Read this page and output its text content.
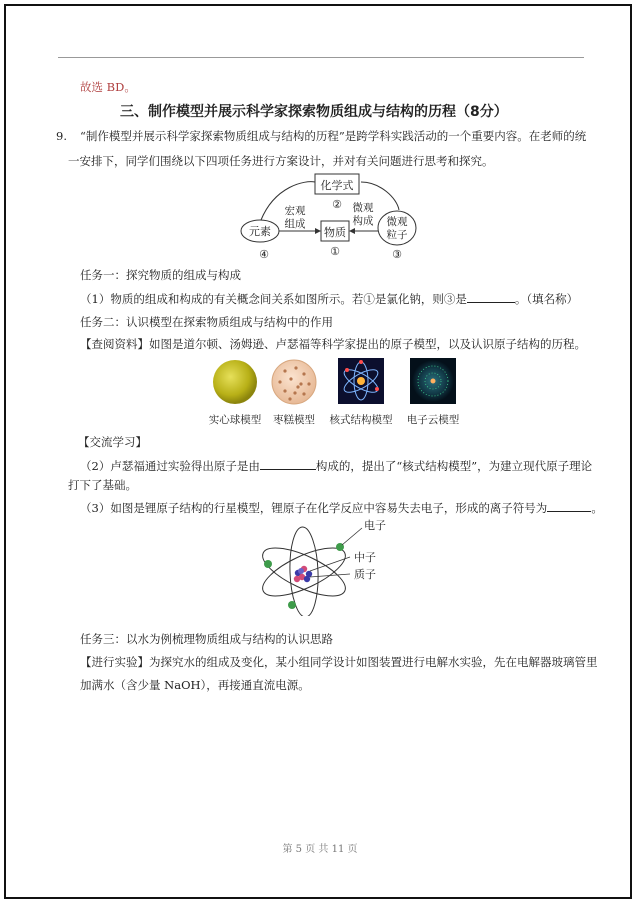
故选 BD。
三、制作模型并展示科学家探索物质组成与结构的历程（8分）
9. “制作模型并展示科学家探索物质组成与结构的历程”是跨学科实践活动的一个重要内容。在老师的统
一安排下，同学们围绕以下四项任务进行方案设计，并对有关问题进行思考和探究。
化学式
②
元素
④
物质
①
微观
粒子
③
宏观
组成
微观
构成
任务一：探究物质的组成与构成
（1）物质的组成和构成的有关概念间关系如图所示。若①是氯化钠，则③是	。（填名称）
任务二：认识模型在探索物质组成与结构中的作用
【查阅资料】如图是道尔顿、汤姆逊、卢瑟福等科学家提出的原子模型，以及认识原子结构的历程。
实心球模型	枣糕模型	核式结构模型	电子云模型
【交流学习】
（2）卢瑟福通过实验得出原子是由	构成的，提出了“核式结构模型”，为建立现代原子理论
打下了基础。
（3）如图是锂原子结构的行星模型，锂原子在化学反应中容易失去电子，形成的离子符号为	。
电子
中子
质子
任务三：以水为例梳理物质组成与结构的认识思路
【进行实验】为探究水的组成及变化，某小组同学设计如图装置进行电解水实验，先在电解器玻璃管里
加满水（含少量 NaOH），再接通直流电源。
第 5 页 共 11 页
